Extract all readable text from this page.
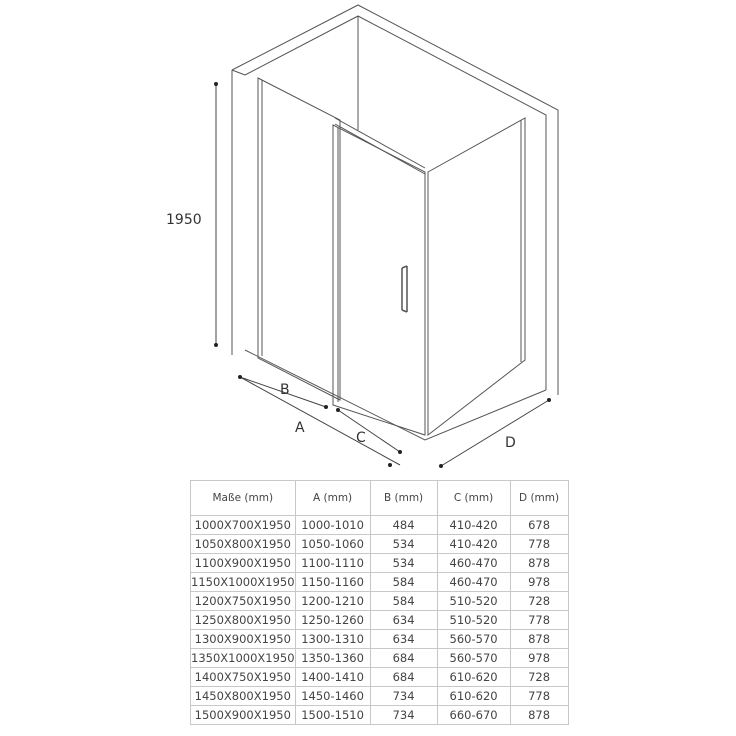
1950
B
A
C	D
Maße (mm)	A (mm)	B (mm)	C (mm)	D (mm)
1000X700X1950	1000-1010	484	410-420	678
1050X800X1950	1050-1060	534	410-420	778
1100X900X1950	1100-1110	534	460-470	878
1150X1000X1950	1150-1160	584	460-470	978
1200X750X1950	1200-1210	584	510-520	728
1250X800X1950	1250-1260	634	510-520	778
1300X900X1950	1300-1310	634	560-570	878
1350X1000X1950	1350-1360	684	560-570	978
1400X750X1950	1400-1410	684	610-620	728
1450X800X1950	1450-1460	734	610-620	778
1500X900X1950	1500-1510	734	660-670	878
